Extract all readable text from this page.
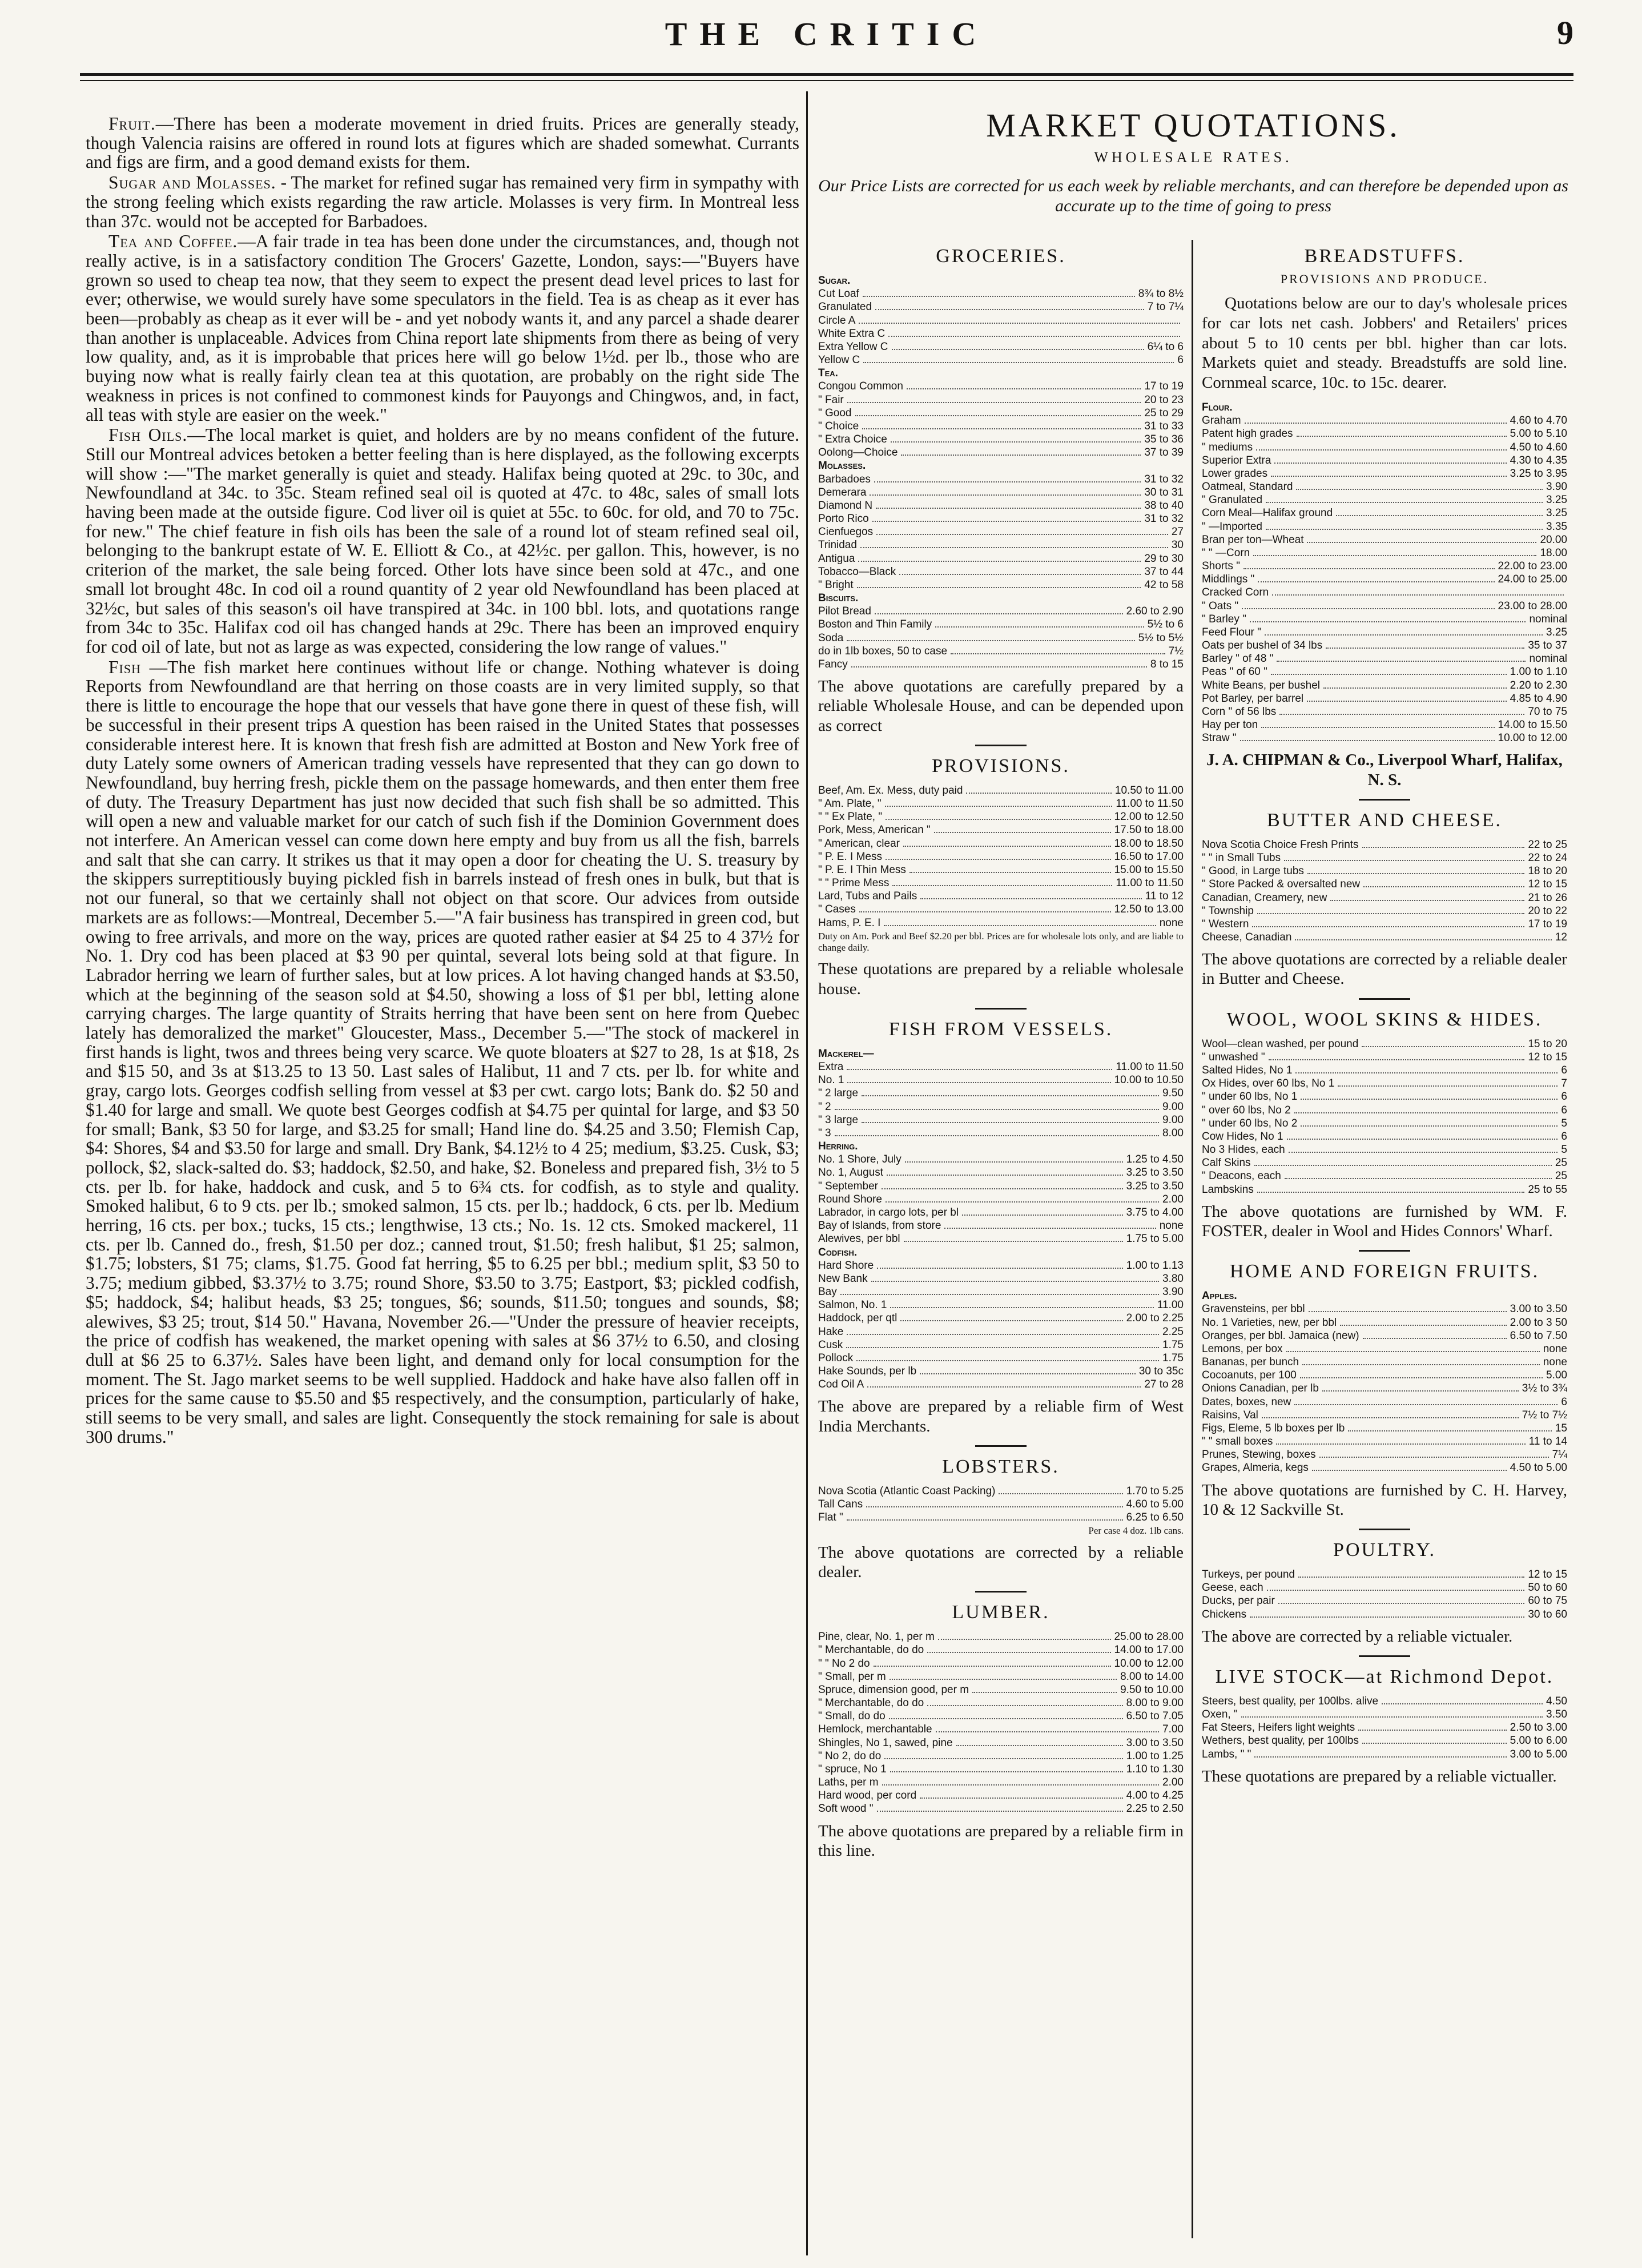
THE CRITIC	9

Fruit.—There has been a moderate movement in dried fruits. Prices are generally steady, though Valencia raisins are offered in round lots at figures which are shaded somewhat. Currants and figs are firm, and a good demand exists for them.

Sugar and Molasses. - The market for refined sugar has remained very firm in sympathy with the strong feeling which exists regarding the raw article. Molasses is very firm. In Montreal less than 37c. would not be accepted for Barbadoes.

Tea and Coffee.—A fair trade in tea has been done under the circumstances, and, though not really active, is in a satisfactory condition The Grocers' Gazette, London, says:—"Buyers have grown so used to cheap tea now, that they seem to expect the present dead level prices to last for ever; otherwise, we would surely have some speculators in the field. Tea is as cheap as it ever has been—probably as cheap as it ever will be - and yet nobody wants it, and any parcel a shade dearer than another is unplaceable. Advices from China report late shipments from there as being of very low quality, and, as it is improbable that prices here will go below 1½d. per lb., those who are buying now what is really fairly clean tea at this quotation, are probably on the right side The weakness in prices is not confined to commonest kinds for Pauyongs and Chingwos, and, in fact, all teas with style are easier on the week."

Fish Oils.—The local market is quiet, and holders are by no means confident of the future. Still our Montreal advices betoken a better feeling than is here displayed, as the following excerpts will show :—"The market generally is quiet and steady. Halifax being quoted at 29c. to 30c, and Newfoundland at 34c. to 35c. Steam refined seal oil is quoted at 47c. to 48c, sales of small lots having been made at the outside figure. Cod liver oil is quiet at 55c. to 60c. for old, and 70 to 75c. for new." The chief feature in fish oils has been the sale of a round lot of steam refined seal oil, belonging to the bankrupt estate of W. E. Elliott & Co., at 42½c. per gallon. This, however, is no criterion of the market, the sale being forced. Other lots have since been sold at 47c., and one small lot brought 48c. In cod oil a round quantity of 2 year old Newfoundland has been placed at 32½c, but sales of this season's oil have transpired at 34c. in 100 bbl. lots, and quotations range from 34c to 35c. Halifax cod oil has changed hands at 29c. There has been an improved enquiry for cod oil of late, but not as large as was expected, considering the low range of values."

Fish —The fish market here continues without life or change. Nothing whatever is doing Reports from Newfoundland are that herring on those coasts are in very limited supply, so that there is little to encourage the hope that our vessels that have gone there in quest of these fish, will be successful in their present trips A question has been raised in the United States that possesses considerable interest here. It is known that fresh fish are admitted at Boston and New York free of duty Lately some owners of American trading vessels have represented that they can go down to Newfoundland, buy herring fresh, pickle them on the passage homewards, and then enter them free of duty. The Treasury Department has just now decided that such fish shall be so admitted. This will open a new and valuable market for our catch of such fish if the Dominion Government does not interfere. An American vessel can come down here empty and buy from us all the fish, barrels and salt that she can carry. It strikes us that it may open a door for cheating the U. S. treasury by the skippers surreptitiously buying pickled fish in barrels instead of fresh ones in bulk, but that is not our funeral, so that we certainly shall not object on that score. Our advices from outside markets are as follows:—Montreal, December 5.—"A fair business has transpired in green cod, but owing to free arrivals, and more on the way, prices are quoted rather easier at $4 25 to 4 37½ for No. 1. Dry cod has been placed at $3 90 per quintal, several lots being sold at that figure. In Labrador herring we learn of further sales, but at low prices. A lot having changed hands at $3.50, which at the beginning of the season sold at $4.50, showing a loss of $1 per bbl, letting alone carrying charges. The large quantity of Straits herring that have been sent on here from Quebec lately has demoralized the market" Gloucester, Mass., December 5.—"The stock of mackerel in first hands is light, twos and threes being very scarce. We quote bloaters at $27 to 28, 1s at $18, 2s and $15 50, and 3s at $13.25 to 13 50. Last sales of Halibut, 11 and 7 cts. per lb. for white and gray, cargo lots. Georges codfish selling from vessel at $3 per cwt. cargo lots; Bank do. $2 50 and $1.40 for large and small. We quote best Georges codfish at $4.75 per quintal for large, and $3 50 for small; Bank, $3 50 for large, and $3.25 for small; Hand line do. $4.25 and 3.50; Flemish Cap, $4: Shores, $4 and $3.50 for large and small. Dry Bank, $4.12½ to 4 25; medium, $3.25. Cusk, $3; pollock, $2, slack-salted do. $3; haddock, $2.50, and hake, $2. Boneless and prepared fish, 3½ to 5 cts. per lb. for hake, haddock and cusk, and 5 to 6¾ cts. for codfish, as to style and quality. Smoked halibut, 6 to 9 cts. per lb.; smoked salmon, 15 cts. per lb.; haddock, 6 cts. per lb. Medium herring, 16 cts. per box.; tucks, 15 cts.; lengthwise, 13 cts.; No. 1s. 12 cts. Smoked mackerel, 11 cts. per lb. Canned do., fresh, $1.50 per doz.; canned trout, $1.50; fresh halibut, $1 25; salmon, $1.75; lobsters, $1 75; clams, $1.75. Good fat herring, $5 to 6.25 per bbl.; medium split, $3 50 to 3.75; medium gibbed, $3.37½ to 3.75; round Shore, $3.50 to 3.75; Eastport, $3; pickled codfish, $5; haddock, $4; halibut heads, $3 25; tongues, $6; sounds, $11.50; tongues and sounds, $8; alewives, $3 25; trout, $14 50." Havana, November 26.—"Under the pressure of heavier receipts, the price of codfish has weakened, the market opening with sales at $6 37½ to 6.50, and closing dull at $6 25 to 6.37½. Sales have been light, and demand only for local consumption for the moment. The St. Jago market seems to be well supplied. Haddock and hake have also fallen off in prices for the same cause to $5.50 and $5 respectively, and the consumption, particularly of hake, still seems to be very small, and sales are light. Consequently the stock remaining for sale is about 300 drums."

MARKET QUOTATIONS.
WHOLESALE RATES.
Our Price Lists are corrected for us each week by reliable merchants, and can therefore be depended upon as accurate up to the time of going to press
GROCERIES.
Sugar.
Cut Loaf	8¾ to 8½
Granulated	7 to 7¼
Circle A
White Extra C
Extra Yellow C	6¼ to 6
Yellow C	6
Tea.
Congou Common	17 to 19
" Fair	20 to 23
" Good	25 to 29
" Choice	31 to 33
" Extra Choice	35 to 36
Oolong—Choice	37 to 39
Molasses.
Barbadoes	31 to 32
Demerara	30 to 31
Diamond N	38 to 40
Porto Rico	31 to 32
Cienfuegos	27
Trinidad	30
Antigua	29 to 30
Tobacco—Black	37 to 44
" Bright	42 to 58
Biscuits.
Pilot Bread	2.60 to 2.90
Boston and Thin Family	5½ to 6
Soda	5½ to 5½
do in 1lb boxes, 50 to case	7½
Fancy	8 to 15
The above quotations are carefully prepared by a reliable Wholesale House, and can be depended upon as correct
PROVISIONS.
Beef, Am. Ex. Mess, duty paid	10.50 to 11.00
" Am. Plate, "	11.00 to 11.50
" " Ex Plate, "	12.00 to 12.50
Pork, Mess, American "	17.50 to 18.00
" American, clear	18.00 to 18.50
" P. E. I Mess	16.50 to 17.00
" P. E. I Thin Mess	15.00 to 15.50
" " Prime Mess	11.00 to 11.50
Lard, Tubs and Pails	11 to 12
" Cases	12.50 to 13.00
Hams, P. E. I	none
Duty on Am. Pork and Beef $2.20 per bbl. Prices are for wholesale lots only, and are liable to change daily.
These quotations are prepared by a reliable wholesale house.
FISH FROM VESSELS.
Mackerel—
Extra	11.00 to 11.50
No. 1	10.00 to 10.50
" 2 large	9.50
" 2	9.00
" 3 large	9.00
" 3	8.00
Herring.
No. 1 Shore, July	1.25 to 4.50
No. 1, August	3.25 to 3.50
" September	3.25 to 3.50
Round Shore	2.00
Labrador, in cargo lots, per bl	3.75 to 4.00
Bay of Islands, from store	none
Alewives, per bbl	1.75 to 5.00
Codfish.
Hard Shore	1.00 to 1.13
New Bank	3.80
Bay	3.90
Salmon, No. 1	11.00
Haddock, per qtl	2.00 to 2.25
Hake	2.25
Cusk	1.75
Pollock	1.75
Hake Sounds, per lb	30 to 35c
Cod Oil A	27 to 28
The above are prepared by a reliable firm of West India Merchants.
LOBSTERS.
Nova Scotia (Atlantic Coast Packing)	1.70 to 5.25
Tall Cans	4.60 to 5.00
Flat "	6.25 to 6.50
Per case 4 doz. 1lb cans.
The above quotations are corrected by a reliable dealer.
LUMBER.
Pine, clear, No. 1, per m	25.00 to 28.00
" Merchantable, do do	14.00 to 17.00
" " No 2 do	10.00 to 12.00
" Small, per m	8.00 to 14.00
Spruce, dimension good, per m	9.50 to 10.00
" Merchantable, do do	8.00 to 9.00
" Small, do do	6.50 to 7.05
Hemlock, merchantable	7.00
Shingles, No 1, sawed, pine	3.00 to 3.50
" No 2, do do	1.00 to 1.25
" spruce, No 1	1.10 to 1.30
Laths, per m	2.00
Hard wood, per cord	4.00 to 4.25
Soft wood "	2.25 to 2.50
The above quotations are prepared by a reliable firm in this line.
BREADSTUFFS.
PROVISIONS AND PRODUCE.
Quotations below are our to day's wholesale prices for car lots net cash. Jobbers' and Retailers' prices about 5 to 10 cents per bbl. higher than car lots. Markets quiet and steady. Breadstuffs are sold line. Cornmeal scarce, 10c. to 15c. dearer.
Flour.
Graham	4.60 to 4.70
Patent high grades	5.00 to 5.10
" mediums	4.50 to 4.60
Superior Extra	4.30 to 4.35
Lower grades	3.25 to 3.95
Oatmeal, Standard	3.90
" Granulated	3.25
Corn Meal—Halifax ground	3.25
" —Imported	3.35
Bran per ton—Wheat	20.00
" " —Corn	18.00
Shorts "	22.00 to 23.00
Middlings "	24.00 to 25.00
Cracked Corn
" Oats "	23.00 to 28.00
" Barley "	nominal
Feed Flour "	3.25
Oats per bushel of 34 lbs	35 to 37
Barley " of 48 "	nominal
Peas " of 60 "	1.00 to 1.10
White Beans, per bushel	2.20 to 2.30
Pot Barley, per barrel	4.85 to 4.90
Corn " of 56 lbs	70 to 75
Hay per ton	14.00 to 15.50
Straw "	10.00 to 12.00
J. A. CHIPMAN & Co., Liverpool Wharf, Halifax, N. S.
BUTTER AND CHEESE.
Nova Scotia Choice Fresh Prints	22 to 25
" " in Small Tubs	22 to 24
" Good, in Large tubs	18 to 20
" Store Packed & oversalted new	12 to 15
Canadian, Creamery, new	21 to 26
" Township	20 to 22
" Western	17 to 19
Cheese, Canadian	12
The above quotations are corrected by a reliable dealer in Butter and Cheese.
WOOL, WOOL SKINS & HIDES.
Wool—clean washed, per pound	15 to 20
" unwashed "	12 to 15
Salted Hides, No 1	6
Ox Hides, over 60 lbs, No 1	7
" under 60 lbs, No 1	6
" over 60 lbs, No 2	6
" under 60 lbs, No 2	5
Cow Hides, No 1	6
No 3 Hides, each	5
Calf Skins	25
" Deacons, each	25
Lambskins	25 to 55
The above quotations are furnished by WM. F. FOSTER, dealer in Wool and Hides Connors' Wharf.
HOME AND FOREIGN FRUITS.
Apples.
Gravensteins, per bbl	3.00 to 3.50
No. 1 Varieties, new, per bbl	2.00 to 3 50
Oranges, per bbl. Jamaica (new)	6.50 to 7.50
Lemons, per box	none
Bananas, per bunch	none
Cocoanuts, per 100	5.00
Onions Canadian, per lb	3½ to 3¾
Dates, boxes, new	6
Raisins, Val	7½ to 7½
Figs, Eleme, 5 lb boxes per lb	15
" " small boxes	11 to 14
Prunes, Stewing, boxes	7¼
Grapes, Almeria, kegs	4.50 to 5.00
The above quotations are furnished by C. H. Harvey, 10 & 12 Sackville St.
POULTRY.
Turkeys, per pound	12 to 15
Geese, each	50 to 60
Ducks, per pair	60 to 75
Chickens	30 to 60
The above are corrected by a reliable victualer.
LIVE STOCK—at Richmond Depot.
Steers, best quality, per 100lbs. alive	4.50
Oxen, "	3.50
Fat Steers, Heifers light weights	2.50 to 3.00
Wethers, best quality, per 100lbs	5.00 to 6.00
Lambs, " "	3.00 to 5.00
These quotations are prepared by a reliable victualler.
